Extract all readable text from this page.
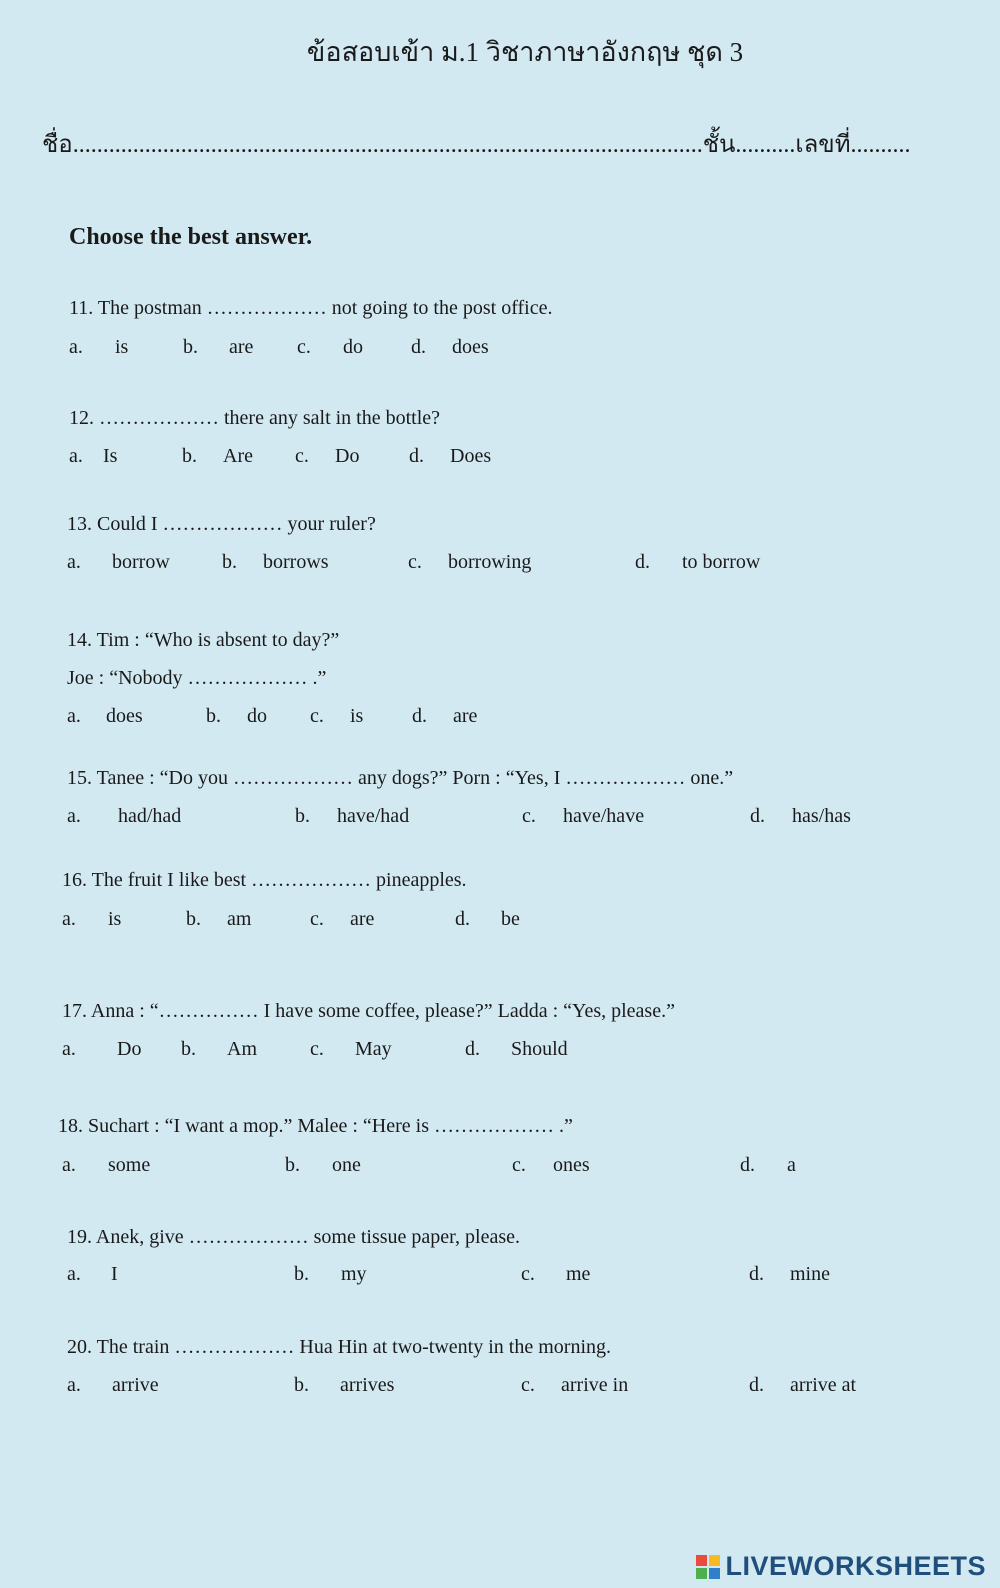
ข้อสอบเข้า ม.1 วิชาภาษาอังกฤษ ชุด 3
ชื่อ.........................................................................................................ชั้น..........เลขที่..........
Choose the best answer.
11. The postman ……………… not going to the post office.
a. is	b. are c. do d. does
12. ……………… there any salt in the bottle?
a. Is	b. Are c. Do d. Does
13. Could I ……………… your ruler?
a. borrow	b. borrows	c. borrowing	d. to borrow
14. Tim : “Who is absent to day?”
Joe : “Nobody ……………… .”
a. does	b. do c. is d. are
15. Tanee : “Do you ……………… any dogs?” Porn : “Yes, I ……………… one.”
a. had/had	b. have/had	c. have/have	d. has/has
16. The fruit I like best ……………… pineapples.
a. is	b. am	c. are	d. be
17. Anna : “…………… I have some coffee, please?” Ladda : “Yes, please.”
a. Do b. Am	c. May	d. Should
18. Suchart : “I want a mop.” Malee : “Here is ……………… .”
a. some	b. one	c. ones	d. a
19. Anek, give ……………… some tissue paper, please.
a. I	b. my	c. me	d. mine
20. The train ……………… Hua Hin at two-twenty in the morning.
a. arrive	b. arrives	c. arrive in	d. arrive at
LIVEWORKSHEETS
